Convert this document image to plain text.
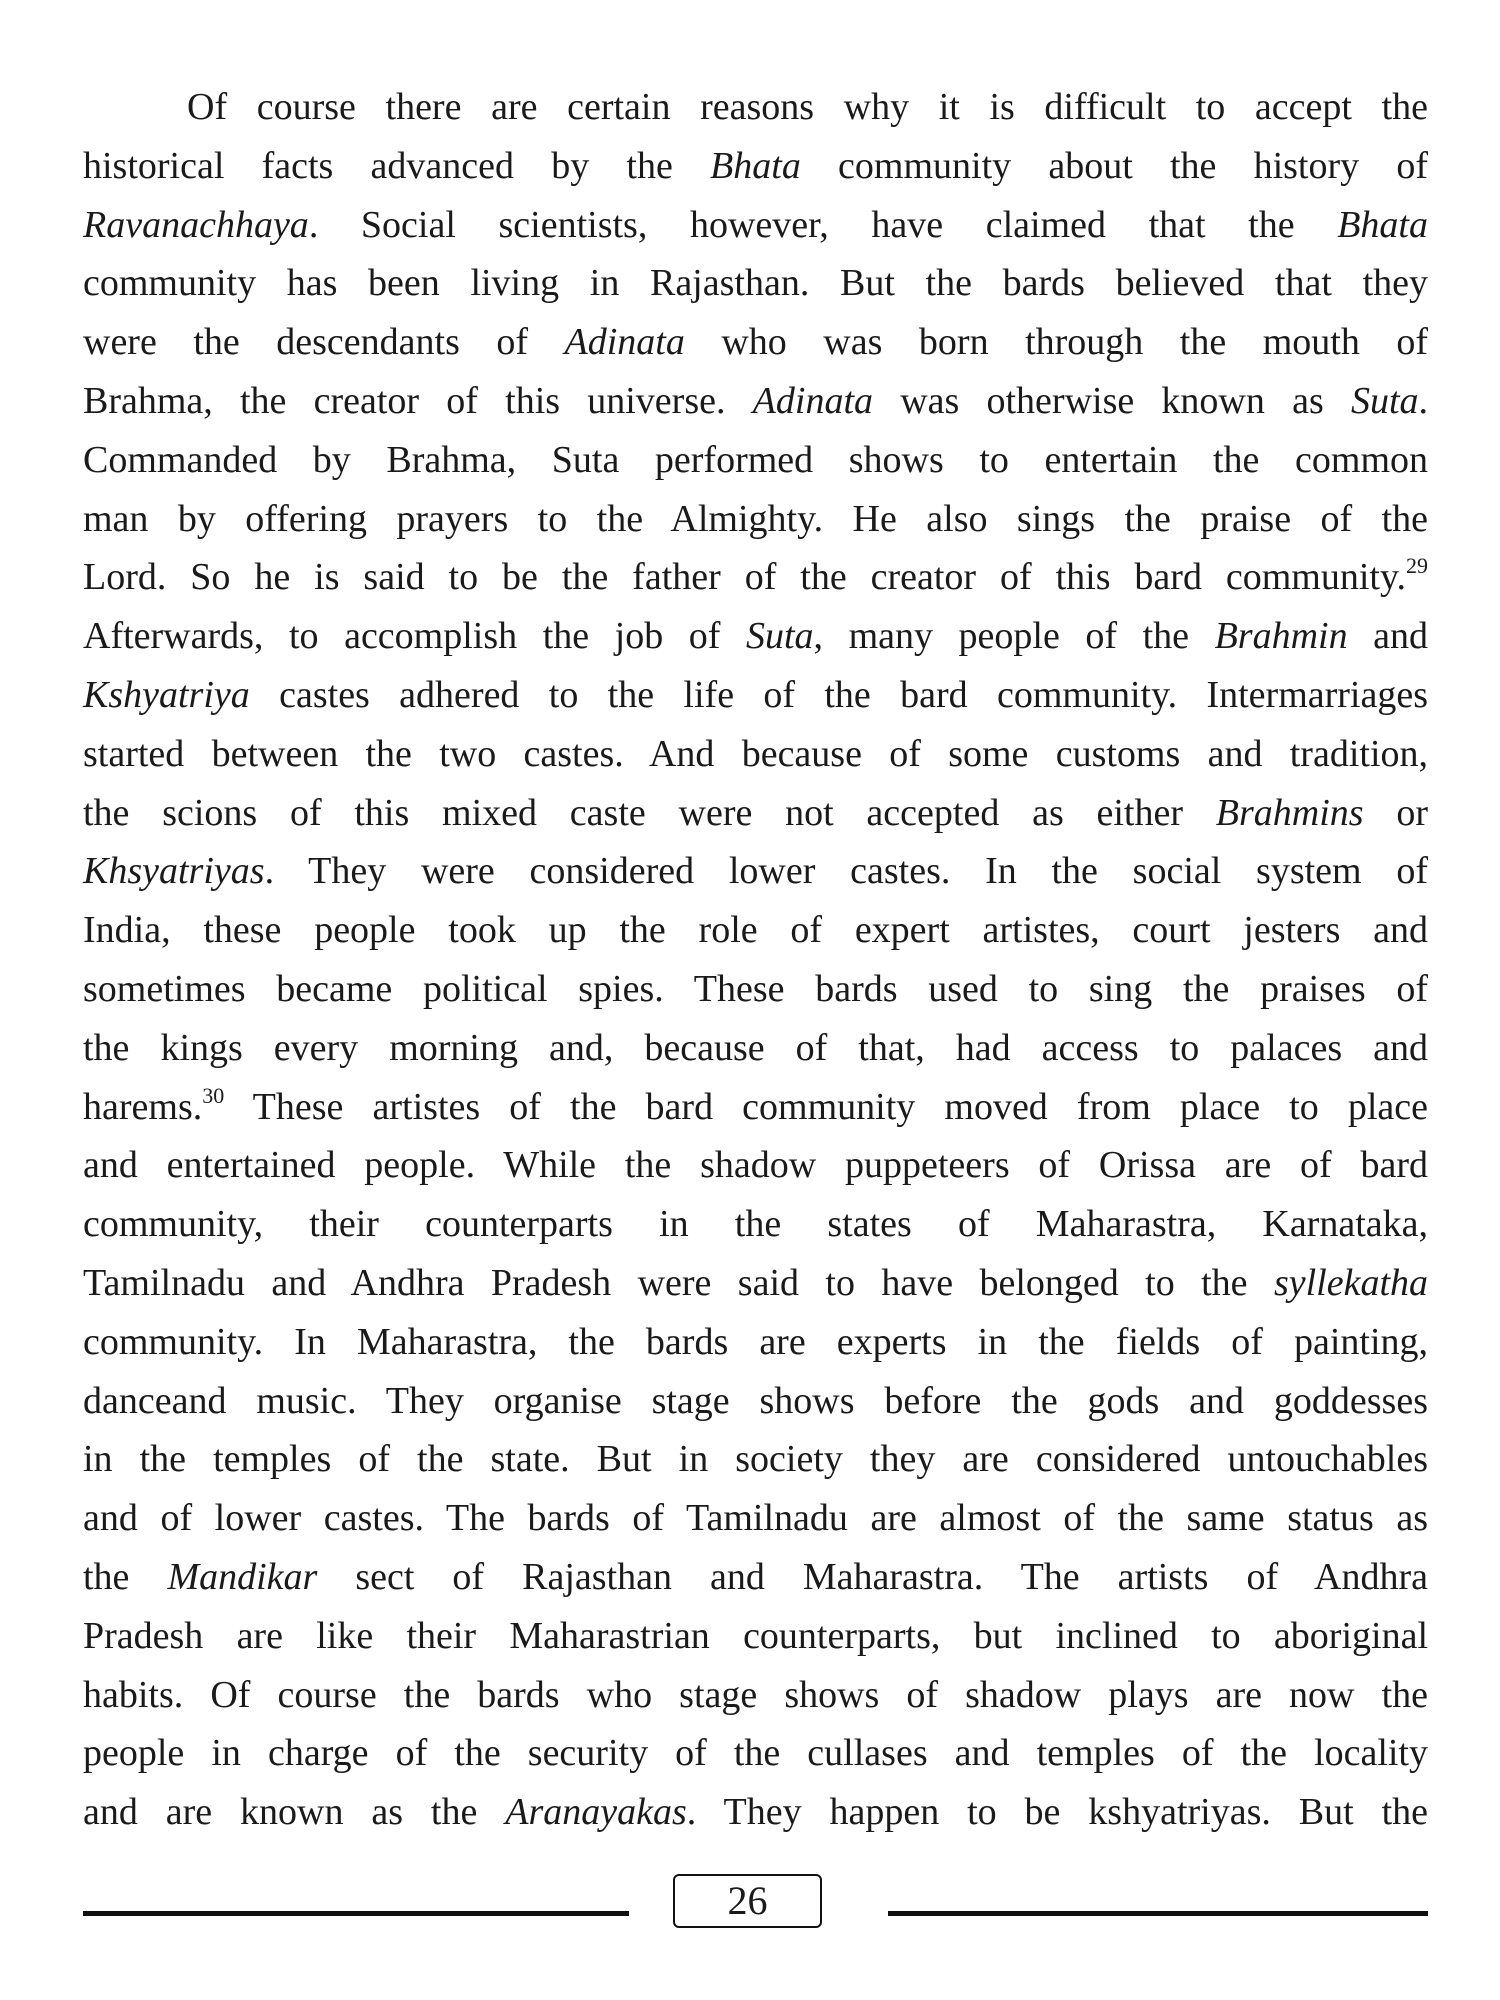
Of course there are certain reasons why it is difficult to accept the
historical facts advanced by the Bhata community about the history of
Ravanachhaya. Social scientists, however, have claimed that the Bhata
community has been living in Rajasthan. But the bards believed that they
were the descendants of Adinata who was born through the mouth of
Brahma, the creator of this universe. Adinata was otherwise known as Suta.
Commanded by Brahma, Suta performed shows to entertain the common
man by offering prayers to the Almighty. He also sings the praise of the
Lord. So he is said to be the father of the creator of this bard community.$^{29}$
Afterwards, to accomplish the job of Suta, many people of the Brahmin and
Kshyatriya castes adhered to the life of the bard community. Intermarriages
started between the two castes. And because of some customs and tradition,
the scions of this mixed caste were not accepted as either Brahmins or
Khsyatriyas. They were considered lower castes. In the social system of
India, these people took up the role of expert artistes, court jesters and
sometimes became political spies. These bards used to sing the praises of
the kings every morning and, because of that, had access to palaces and
harems.$^{30}$ These artistes of the bard community moved from place to place
and entertained people. While the shadow puppeteers of Orissa are of bard
community, their counterparts in the states of Maharastra, Karnataka,
Tamilnadu and Andhra Pradesh were said to have belonged to the syllekatha
community. In Maharastra, the bards are experts in the fields of painting,
danceand music. They organise stage shows before the gods and goddesses
in the temples of the state. But in society they are considered untouchables
and of lower castes. The bards of Tamilnadu are almost of the same status as
the Mandikar sect of Rajasthan and Maharastra. The artists of Andhra
Pradesh are like their Maharastrian counterparts, but inclined to aboriginal
habits. Of course the bards who stage shows of shadow plays are now the
people in charge of the security of the cullases and temples of the locality
and are known as the Aranayakas. They happen to be kshyatriyas. But the
26
